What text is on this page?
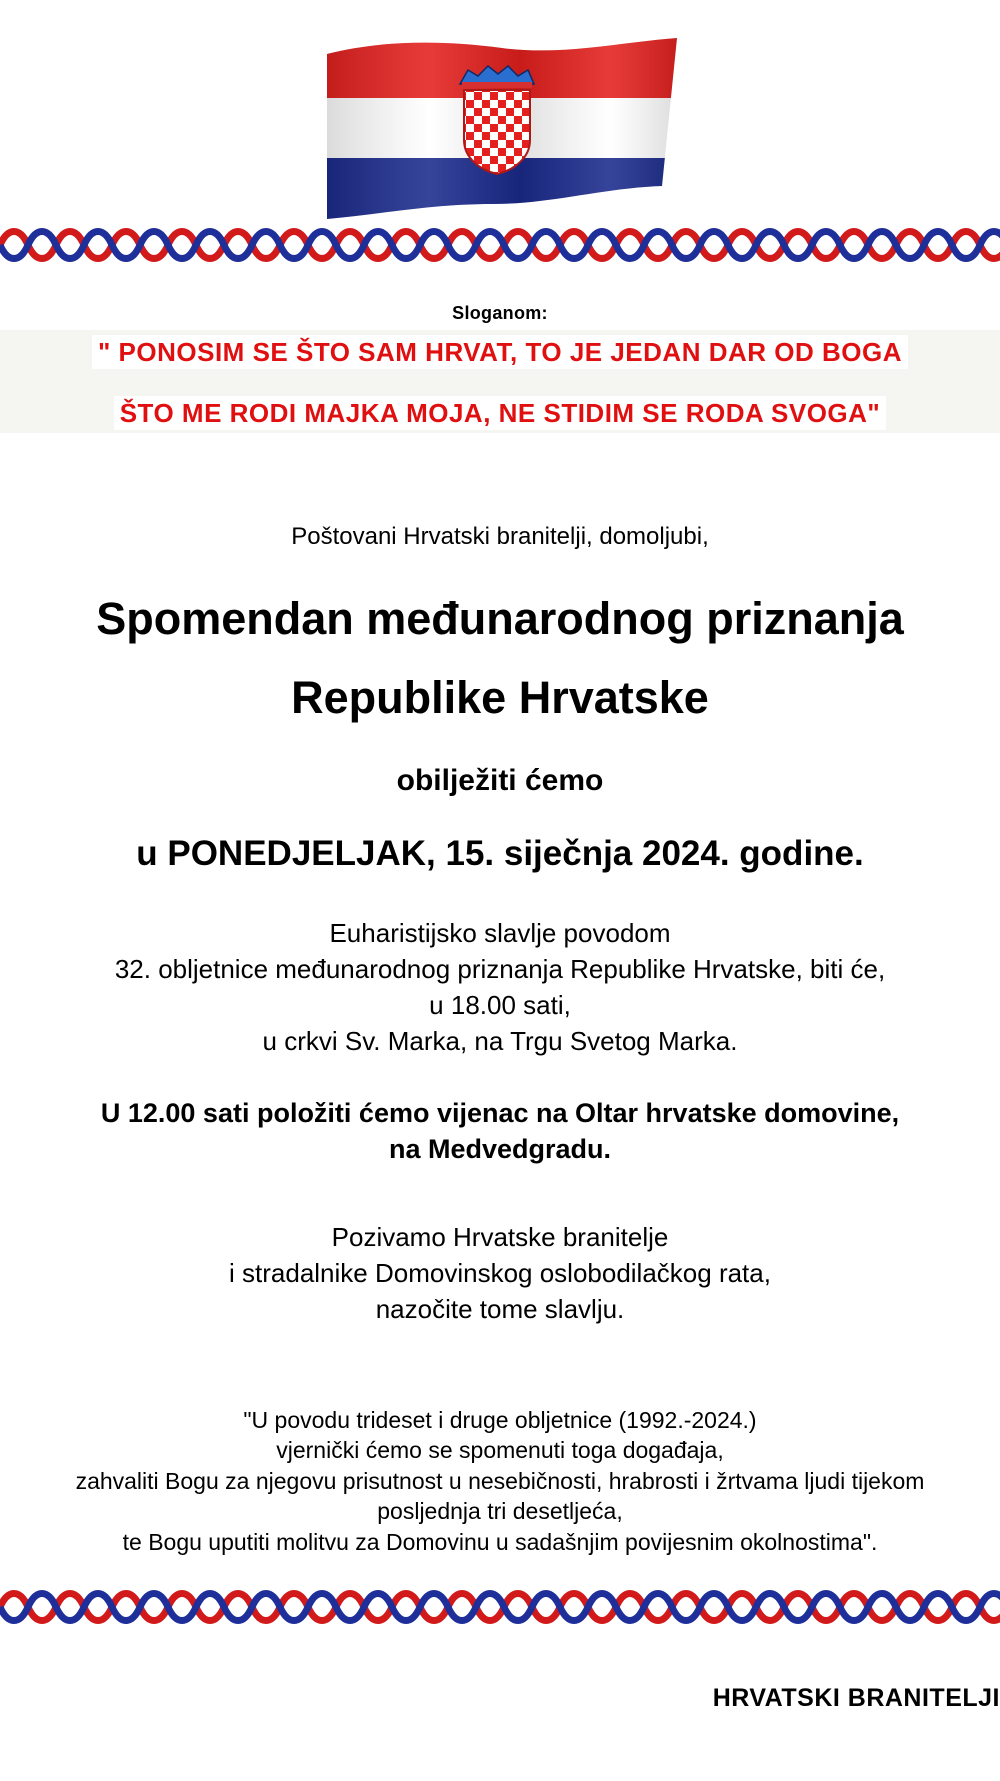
Sloganom:
" PONOSIM SE ŠTO SAM HRVAT, TO JE JEDAN DAR OD BOGA
ŠTO ME RODI MAJKA MOJA, NE STIDIM SE RODA SVOGA"
Poštovani Hrvatski branitelji, domoljubi,
Spomendan međunarodnog priznanja
Republike Hrvatske
obilježiti ćemo
u PONEDJELJAK, 15. siječnja 2024. godine.
Euharistijsko slavlje povodom
32. obljetnice međunarodnog priznanja Republike Hrvatske, biti će,
u 18.00 sati,
u crkvi Sv. Marka, na Trgu Svetog Marka.
U 12.00 sati položiti ćemo vijenac na Oltar hrvatske domovine,
na Medvedgradu.
Pozivamo Hrvatske branitelje
i stradalnike Domovinskog oslobodilačkog rata,
nazočite tome slavlju.
"U povodu trideset i druge obljetnice (1992.-2024.)
vjernički ćemo se spomenuti toga događaja,
zahvaliti Bogu za njegovu prisutnost u nesebičnosti, hrabrosti i žrtvama ljudi tijekom
posljednja tri desetljeća,
te Bogu uputiti molitvu za Domovinu u sadašnjim povijesnim okolnostima".
HRVATSKI BRANITELJI
